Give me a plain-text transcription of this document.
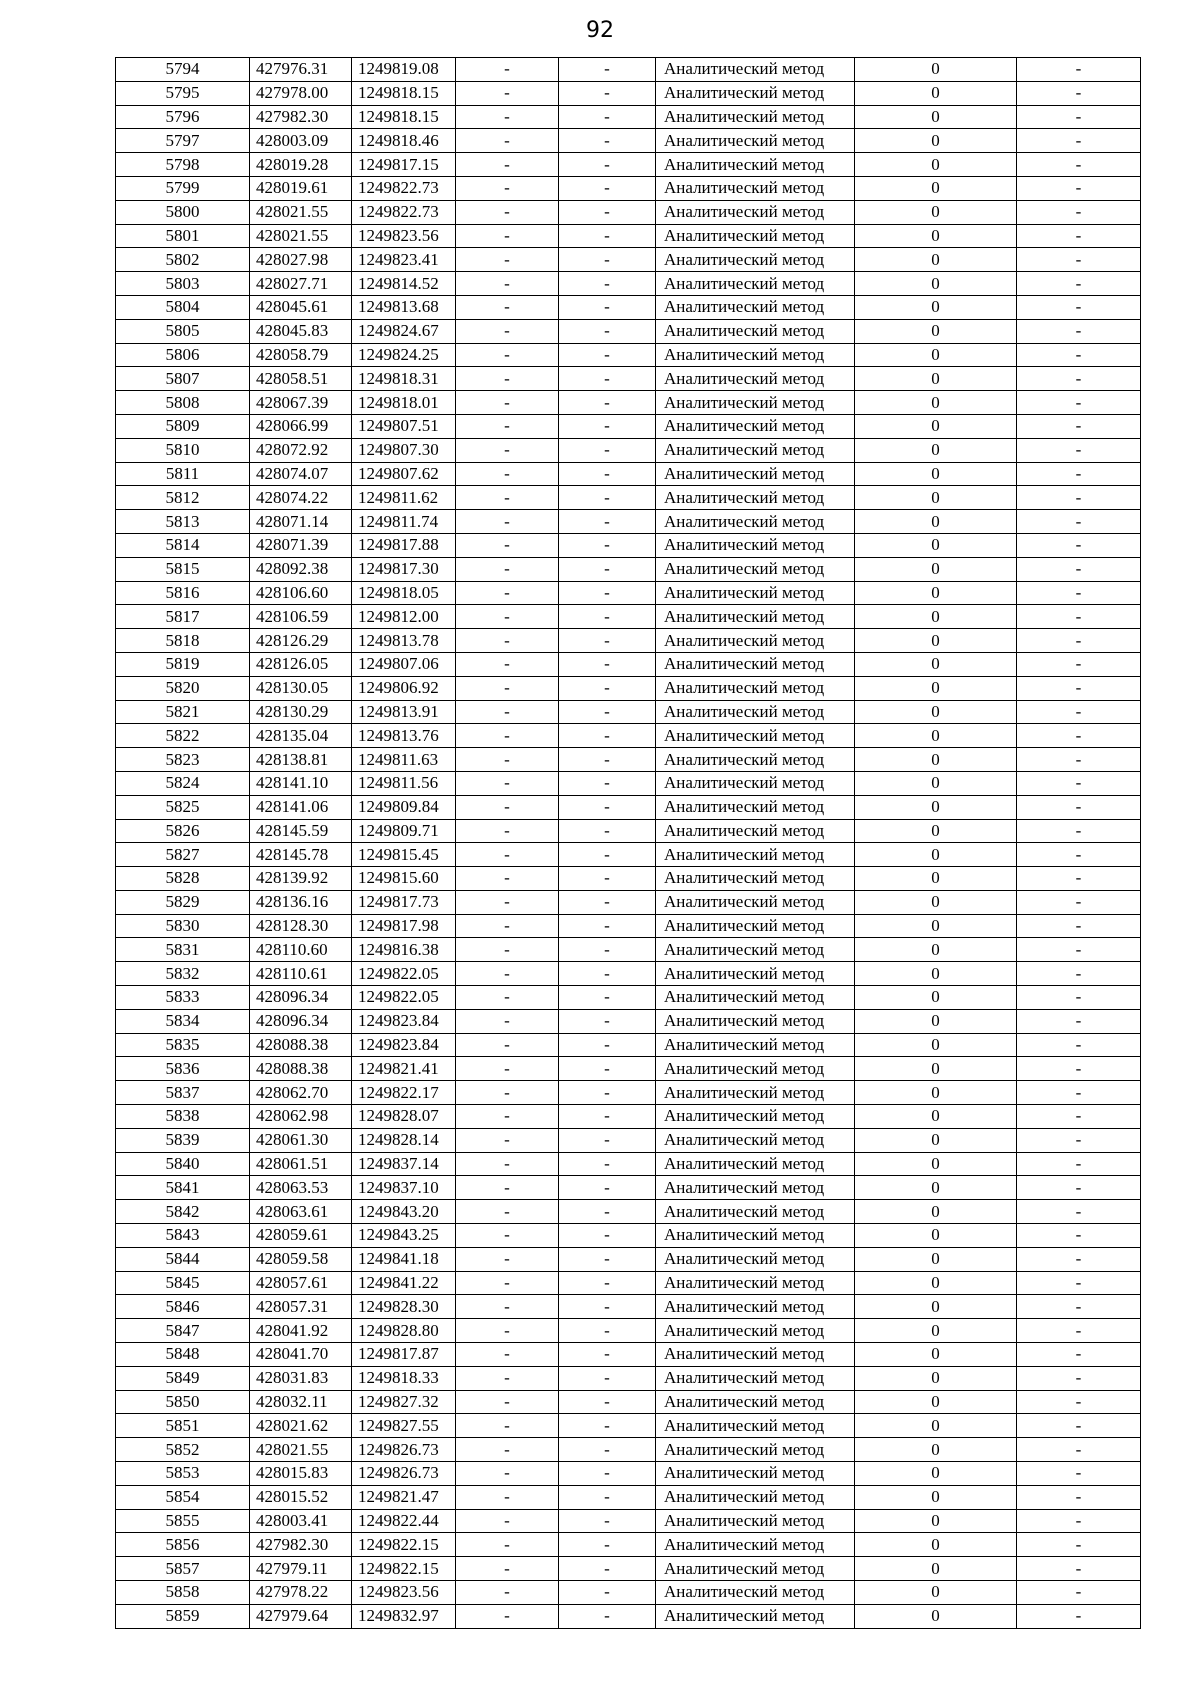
92
5794	427976.31	1249819.08	-	-	Аналитический метод	0	-
5795	427978.00	1249818.15	-	-	Аналитический метод	0	-
5796	427982.30	1249818.15	-	-	Аналитический метод	0	-
5797	428003.09	1249818.46	-	-	Аналитический метод	0	-
5798	428019.28	1249817.15	-	-	Аналитический метод	0	-
5799	428019.61	1249822.73	-	-	Аналитический метод	0	-
5800	428021.55	1249822.73	-	-	Аналитический метод	0	-
5801	428021.55	1249823.56	-	-	Аналитический метод	0	-
5802	428027.98	1249823.41	-	-	Аналитический метод	0	-
5803	428027.71	1249814.52	-	-	Аналитический метод	0	-
5804	428045.61	1249813.68	-	-	Аналитический метод	0	-
5805	428045.83	1249824.67	-	-	Аналитический метод	0	-
5806	428058.79	1249824.25	-	-	Аналитический метод	0	-
5807	428058.51	1249818.31	-	-	Аналитический метод	0	-
5808	428067.39	1249818.01	-	-	Аналитический метод	0	-
5809	428066.99	1249807.51	-	-	Аналитический метод	0	-
5810	428072.92	1249807.30	-	-	Аналитический метод	0	-
5811	428074.07	1249807.62	-	-	Аналитический метод	0	-
5812	428074.22	1249811.62	-	-	Аналитический метод	0	-
5813	428071.14	1249811.74	-	-	Аналитический метод	0	-
5814	428071.39	1249817.88	-	-	Аналитический метод	0	-
5815	428092.38	1249817.30	-	-	Аналитический метод	0	-
5816	428106.60	1249818.05	-	-	Аналитический метод	0	-
5817	428106.59	1249812.00	-	-	Аналитический метод	0	-
5818	428126.29	1249813.78	-	-	Аналитический метод	0	-
5819	428126.05	1249807.06	-	-	Аналитический метод	0	-
5820	428130.05	1249806.92	-	-	Аналитический метод	0	-
5821	428130.29	1249813.91	-	-	Аналитический метод	0	-
5822	428135.04	1249813.76	-	-	Аналитический метод	0	-
5823	428138.81	1249811.63	-	-	Аналитический метод	0	-
5824	428141.10	1249811.56	-	-	Аналитический метод	0	-
5825	428141.06	1249809.84	-	-	Аналитический метод	0	-
5826	428145.59	1249809.71	-	-	Аналитический метод	0	-
5827	428145.78	1249815.45	-	-	Аналитический метод	0	-
5828	428139.92	1249815.60	-	-	Аналитический метод	0	-
5829	428136.16	1249817.73	-	-	Аналитический метод	0	-
5830	428128.30	1249817.98	-	-	Аналитический метод	0	-
5831	428110.60	1249816.38	-	-	Аналитический метод	0	-
5832	428110.61	1249822.05	-	-	Аналитический метод	0	-
5833	428096.34	1249822.05	-	-	Аналитический метод	0	-
5834	428096.34	1249823.84	-	-	Аналитический метод	0	-
5835	428088.38	1249823.84	-	-	Аналитический метод	0	-
5836	428088.38	1249821.41	-	-	Аналитический метод	0	-
5837	428062.70	1249822.17	-	-	Аналитический метод	0	-
5838	428062.98	1249828.07	-	-	Аналитический метод	0	-
5839	428061.30	1249828.14	-	-	Аналитический метод	0	-
5840	428061.51	1249837.14	-	-	Аналитический метод	0	-
5841	428063.53	1249837.10	-	-	Аналитический метод	0	-
5842	428063.61	1249843.20	-	-	Аналитический метод	0	-
5843	428059.61	1249843.25	-	-	Аналитический метод	0	-
5844	428059.58	1249841.18	-	-	Аналитический метод	0	-
5845	428057.61	1249841.22	-	-	Аналитический метод	0	-
5846	428057.31	1249828.30	-	-	Аналитический метод	0	-
5847	428041.92	1249828.80	-	-	Аналитический метод	0	-
5848	428041.70	1249817.87	-	-	Аналитический метод	0	-
5849	428031.83	1249818.33	-	-	Аналитический метод	0	-
5850	428032.11	1249827.32	-	-	Аналитический метод	0	-
5851	428021.62	1249827.55	-	-	Аналитический метод	0	-
5852	428021.55	1249826.73	-	-	Аналитический метод	0	-
5853	428015.83	1249826.73	-	-	Аналитический метод	0	-
5854	428015.52	1249821.47	-	-	Аналитический метод	0	-
5855	428003.41	1249822.44	-	-	Аналитический метод	0	-
5856	427982.30	1249822.15	-	-	Аналитический метод	0	-
5857	427979.11	1249822.15	-	-	Аналитический метод	0	-
5858	427978.22	1249823.56	-	-	Аналитический метод	0	-
5859	427979.64	1249832.97	-	-	Аналитический метод	0	-
